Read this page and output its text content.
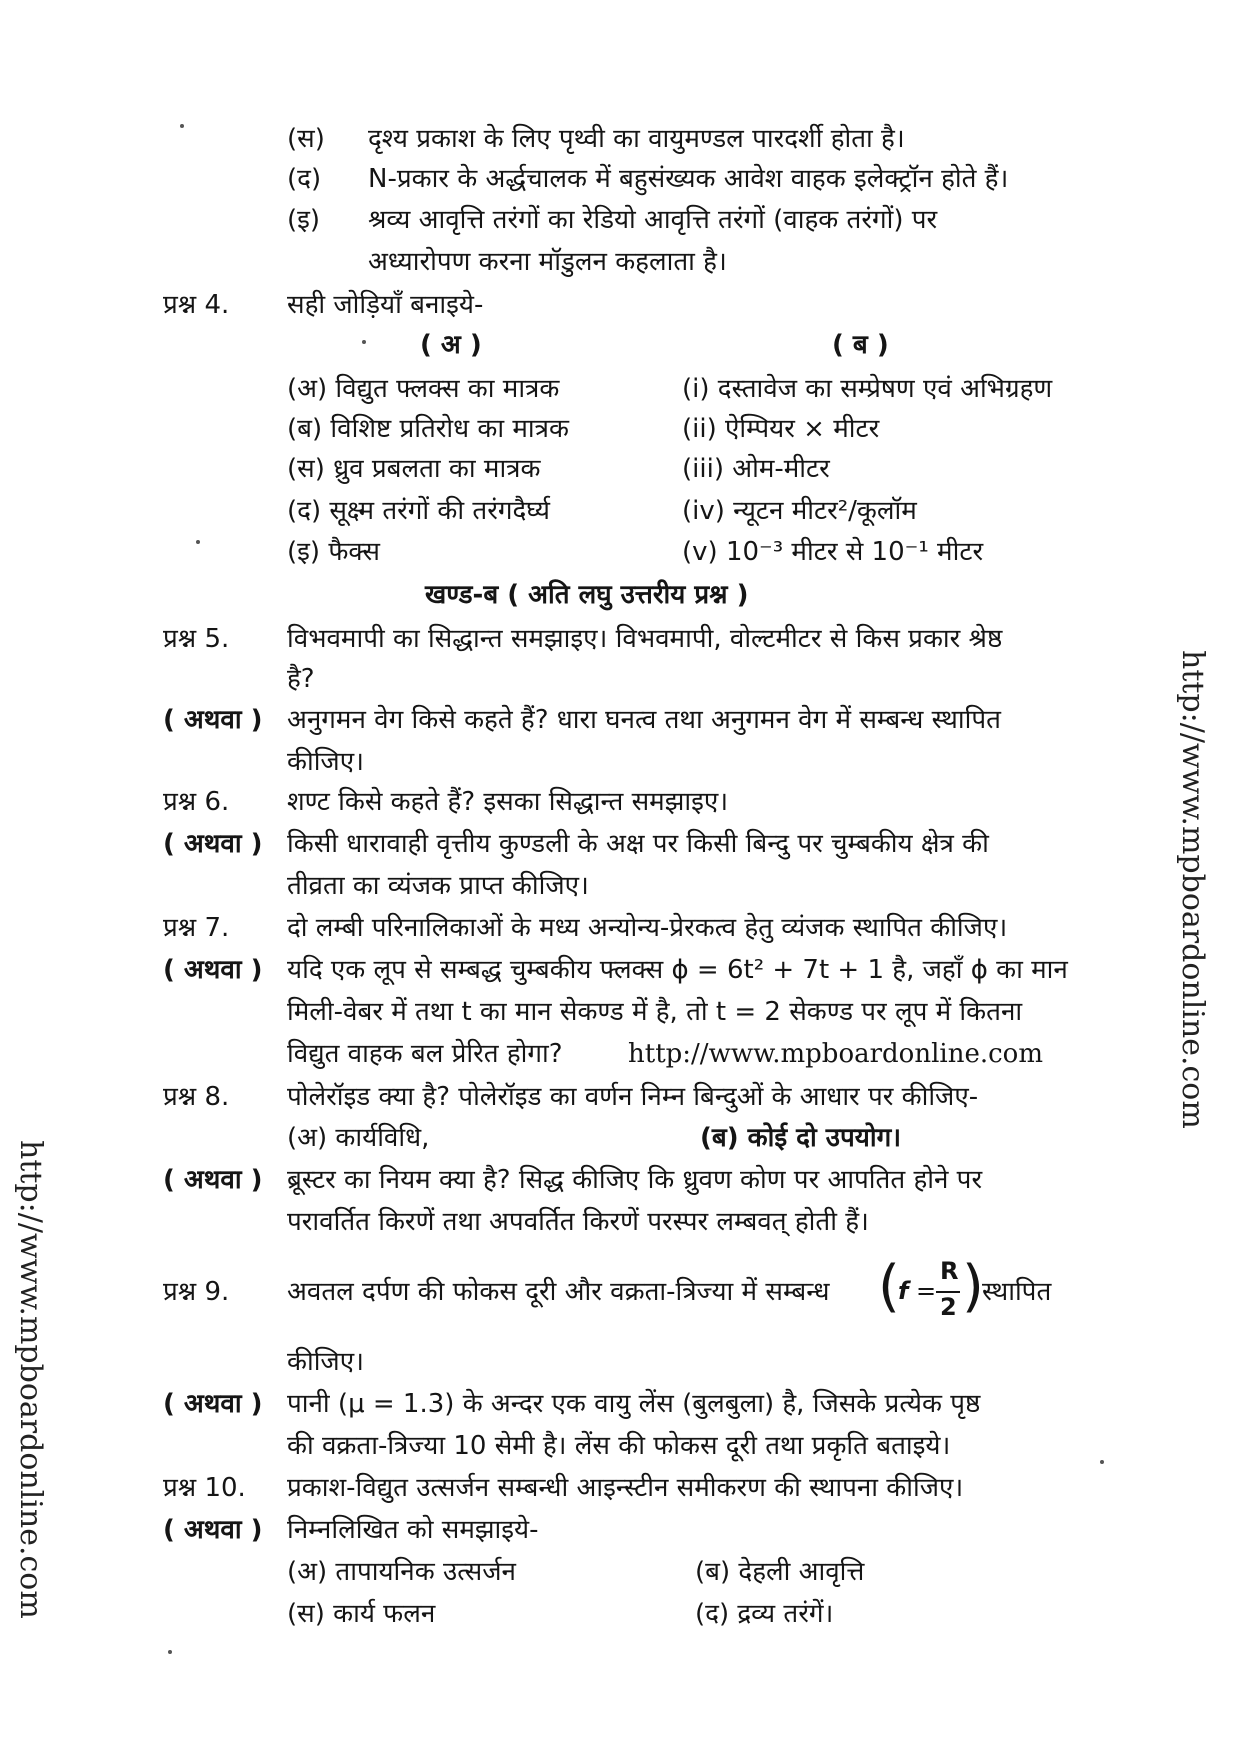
http://www.mpboardonline.com
http://www.mpboardonline.com
(स) दृश्य प्रकाश के लिए पृथ्वी का वायुमण्डल पारदर्शी होता है।
(द) N-प्रकार के अर्द्धचालक में बहुसंख्यक आवेश वाहक इलेक्ट्रॉन होते हैं।
(इ) श्रव्य आवृत्ति तरंगों का रेडियो आवृत्ति तरंगों (वाहक तरंगों) पर
अध्यारोपण करना मॉडुलन कहलाता है।
प्रश्न 4. सही जोड़ियाँ बनाइये-
( अ )	( ब )
(अ) विद्युत फ्लक्स का मात्रक	(i) दस्तावेज का सम्प्रेषण एवं अभिग्रहण
(ब) विशिष्ट प्रतिरोध का मात्रक	(ii) ऐम्पियर × मीटर
(स) ध्रुव प्रबलता का मात्रक	(iii) ओम-मीटर
(द) सूक्ष्म तरंगों की तरंगदैर्घ्य	(iv) न्यूटन मीटर²/कूलॉम
(इ) फैक्स	(v) 10⁻³ मीटर से 10⁻¹ मीटर
खण्ड-ब ( अति लघु उत्तरीय प्रश्न )
प्रश्न 5. विभवमापी का सिद्धान्त समझाइए। विभवमापी, वोल्टमीटर से किस प्रकार श्रेष्ठ
है?
( अथवा ) अनुगमन वेग किसे कहते हैं? धारा घनत्व तथा अनुगमन वेग में सम्बन्ध स्थापित
कीजिए।
प्रश्न 6. शण्ट किसे कहते हैं? इसका सिद्धान्त समझाइए।
( अथवा ) किसी धारावाही वृत्तीय कुण्डली के अक्ष पर किसी बिन्दु पर चुम्बकीय क्षेत्र की
तीव्रता का व्यंजक प्राप्त कीजिए।
प्रश्न 7. दो लम्बी परिनालिकाओं के मध्य अन्योन्य-प्रेरकत्व हेतु व्यंजक स्थापित कीजिए।
( अथवा ) यदि एक लूप से सम्बद्ध चुम्बकीय फ्लक्स ϕ = 6t² + 7t + 1 है, जहाँ ϕ का मान
मिली-वेबर में तथा t का मान सेकण्ड में है, तो t = 2 सेकण्ड पर लूप में कितना
विद्युत वाहक बल प्रेरित होगा?	http://www.mpboardonline.com
प्रश्न 8. पोलेरॉइड क्या है? पोलेरॉइड का वर्णन निम्न बिन्दुओं के आधार पर कीजिए-
(अ) कार्यविधि,	(ब) कोई दो उपयोग।
( अथवा ) ब्रूस्टर का नियम क्या है? सिद्ध कीजिए कि ध्रुवण कोण पर आपतित होने पर
परावर्तित किरणें तथा अपवर्तित किरणें परस्पर लम्बवत् होती हैं।
प्रश्न 9. अवतल दर्पण की फोकस दूरी और वक्रता-त्रिज्या में सम्बन्ध (
f =
R
2 )
स्थापित
कीजिए।
( अथवा ) पानी (μ = 1.3) के अन्दर एक वायु लेंस (बुलबुला) है, जिसके प्रत्येक पृष्ठ
की वक्रता-त्रिज्या 10 सेमी है। लेंस की फोकस दूरी तथा प्रकृति बताइये।
प्रश्न 10. प्रकाश-विद्युत उत्सर्जन सम्बन्धी आइन्स्टीन समीकरण की स्थापना कीजिए।
( अथवा ) निम्नलिखित को समझाइये-
(अ) तापायनिक उत्सर्जन	(ब) देहली आवृत्ति
(स) कार्य फलन	(द) द्रव्य तरंगें।
